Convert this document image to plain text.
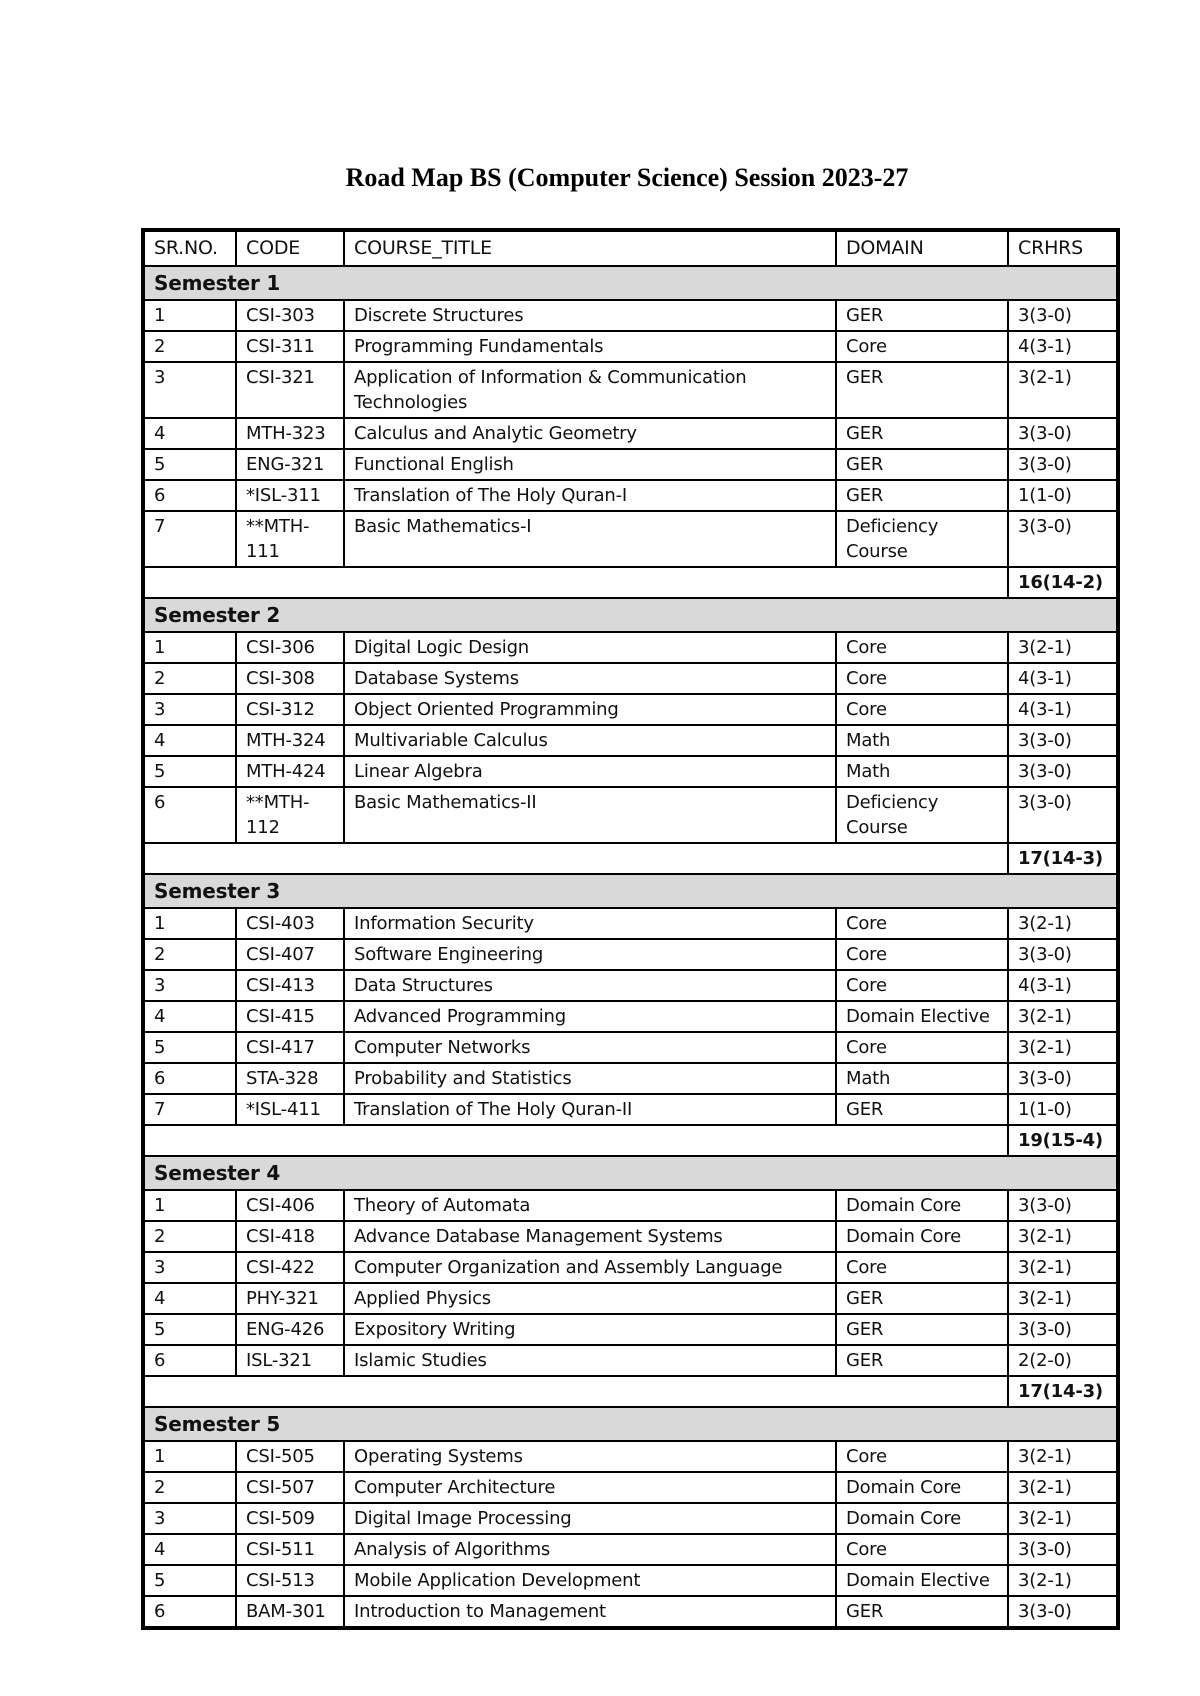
Road Map BS (Computer Science) Session 2023-27
SR.NO.	CODE	COURSE_TITLE	DOMAIN	CRHRS
Semester 1				
1	CSI-303	Discrete Structures	GER	3(3-0)
2	CSI-311	Programming Fundamentals	Core	4(3-1)
3	CSI-321	Application of Information & Communication Technologies	GER	3(2-1)
4	MTH-323	Calculus and Analytic Geometry	GER	3(3-0)
5	ENG-321	Functional English	GER	3(3-0)
6	*ISL-311	Translation of The Holy Quran-I	GER	1(1-0)
7	**MTH-111	Basic Mathematics-I	Deficiency Course	3(3-0)
				16(14-2)
Semester 2				
1	CSI-306	Digital Logic Design	Core	3(2-1)
2	CSI-308	Database Systems	Core	4(3-1)
3	CSI-312	Object Oriented Programming	Core	4(3-1)
4	MTH-324	Multivariable Calculus	Math	3(3-0)
5	MTH-424	Linear Algebra	Math	3(3-0)
6	**MTH-112	Basic Mathematics-II	Deficiency Course	3(3-0)
				17(14-3)
Semester 3				
1	CSI-403	Information Security	Core	3(2-1)
2	CSI-407	Software Engineering	Core	3(3-0)
3	CSI-413	Data Structures	Core	4(3-1)
4	CSI-415	Advanced Programming	Domain Elective	3(2-1)
5	CSI-417	Computer Networks	Core	3(2-1)
6	STA-328	Probability and Statistics	Math	3(3-0)
7	*ISL-411	Translation of The Holy Quran-II	GER	1(1-0)
				19(15-4)
Semester 4				
1	CSI-406	Theory of Automata	Domain Core	3(3-0)
2	CSI-418	Advance Database Management Systems	Domain Core	3(2-1)
3	CSI-422	Computer Organization and Assembly Language	Core	3(2-1)
4	PHY-321	Applied Physics	GER	3(2-1)
5	ENG-426	Expository Writing	GER	3(3-0)
6	ISL-321	Islamic Studies	GER	2(2-0)
				17(14-3)
Semester 5				
1	CSI-505	Operating Systems	Core	3(2-1)
2	CSI-507	Computer Architecture	Domain Core	3(2-1)
3	CSI-509	Digital Image Processing	Domain Core	3(2-1)
4	CSI-511	Analysis of Algorithms	Core	3(3-0)
5	CSI-513	Mobile Application Development	Domain Elective	3(2-1)
6	BAM-301	Introduction to Management	GER	3(3-0)
